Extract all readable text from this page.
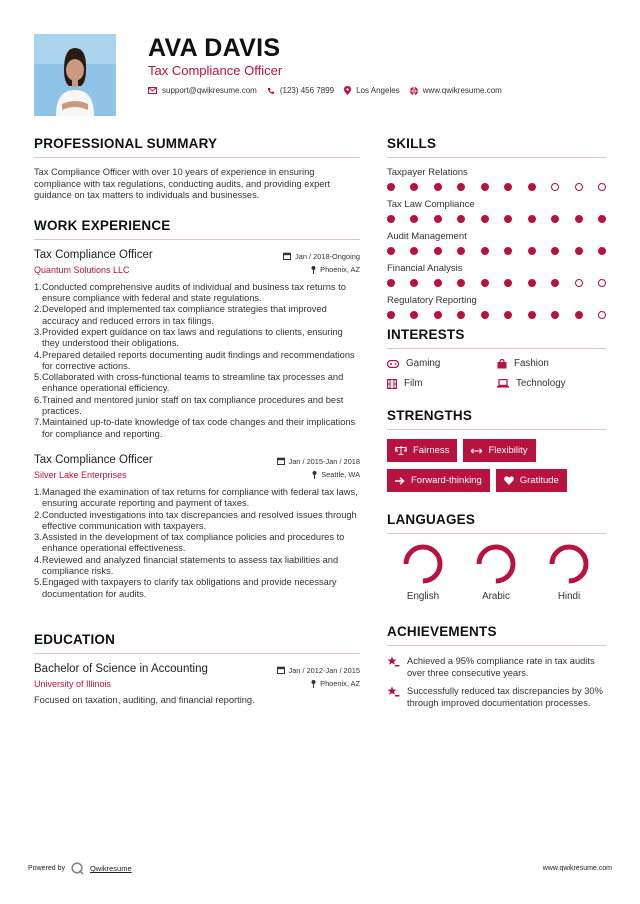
AVA DAVIS
Tax Compliance Officer
support@qwikresume.com	(123) 456 7899	Los Angeles	www.qwikresume.com
PROFESSIONAL SUMMARY
Tax Compliance Officer with over 10 years of experience in ensuring compliance with tax regulations, conducting audits, and providing expert guidance on tax matters to individuals and businesses.
WORK EXPERIENCE
Tax Compliance Officer	Jan / 2018-Ongoing
Quantum Solutions LLC	Phoenix, AZ
Conducted comprehensive audits of individual and business tax returns to ensure compliance with federal and state regulations.
Developed and implemented tax compliance strategies that improved accuracy and reduced errors in tax filings.
Provided expert guidance on tax laws and regulations to clients, ensuring they understood their obligations.
Prepared detailed reports documenting audit findings and recommendations for corrective actions.
Collaborated with cross-functional teams to streamline tax processes and enhance operational efficiency.
Trained and mentored junior staff on tax compliance procedures and best practices.
Maintained up-to-date knowledge of tax code changes and their implications for compliance and reporting.
Tax Compliance Officer	Jan / 2015-Jan / 2018
Silver Lake Enterprises	Seattle, WA
Managed the examination of tax returns for compliance with federal tax laws, ensuring accurate reporting and payment of taxes.
Conducted investigations into tax discrepancies and resolved issues through effective communication with taxpayers.
Assisted in the development of tax compliance policies and procedures to enhance operational effectiveness.
Reviewed and analyzed financial statements to assess tax liabilities and compliance risks.
Engaged with taxpayers to clarify tax obligations and provide necessary documentation for audits.
EDUCATION
Bachelor of Science in Accounting	Jan / 2012-Jan / 2015
University of Illinois	Phoenix, AZ
Focused on taxation, auditing, and financial reporting.
SKILLS
Taxpayer Relations
Tax Law Compliance
Audit Management
Financial Analysis
Regulatory Reporting
INTERESTS
Gaming	Fashion
Film	Technology
STRENGTHS
Fairness	Flexibility
Forward-thinking	Gratitude
LANGUAGES
English	Arabic	Hindi
ACHIEVEMENTS
Achieved a 95% compliance rate in tax audits over three consecutive years.
Successfully reduced tax discrepancies by 30% through improved documentation processes.
Powered by	Qwikresume	www.qwikresume.com
